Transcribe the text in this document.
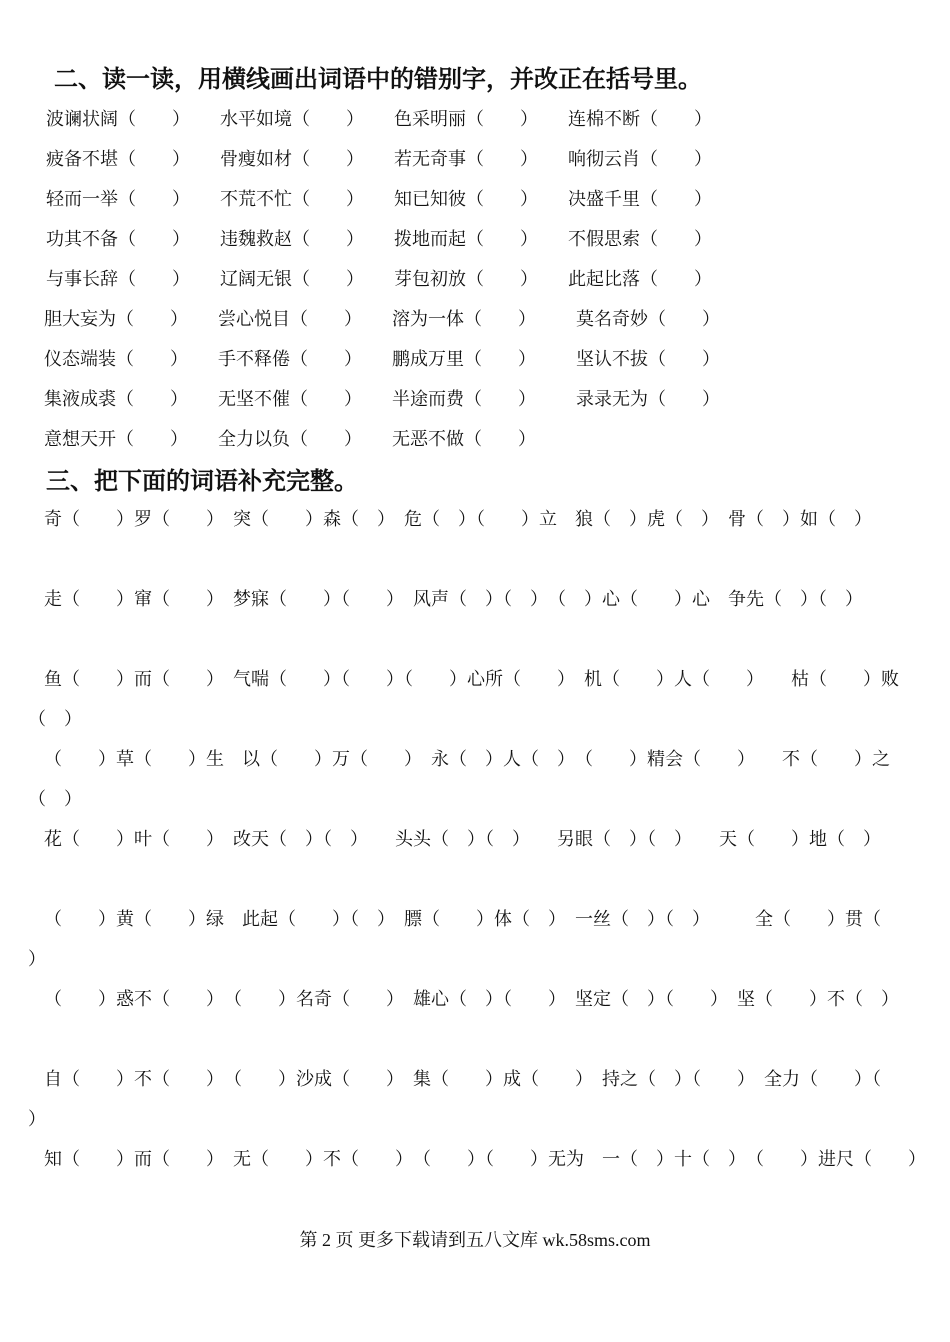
二、读一读，用横线画出词语中的错别字，并改正在括号里。
波谰状阔（　　） 水平如境（　　） 色采明丽（　　） 连棉不断（　　）
疲备不堪（　　） 骨瘦如材（　　） 若无奇事（　　） 响彻云肖（　　）
轻而一举（　　） 不荒不忙（　　） 知已知彼（　　） 决盛千里（　　）
功其不备（　　） 违魏救赵（　　） 拨地而起（　　） 不假思索（　　）
与事长辞（　　） 辽阔无银（　　） 芽包初放（　　） 此起比落（　　）
胆大妄为（　　） 尝心悦目（　　） 溶为一体（　　） 莫名奇妙（　　）
仪态端装（　　） 手不释倦（　　） 鹏成万里（　　） 坚认不拔（　　）
集液成裘（　　） 无坚不催（　　） 半途而费（　　） 录录无为（　　）
意想天开（　　） 全力以负（　　） 无恶不做（　　）
三、把下面的词语补充完整。

奇（　　）罗（　　）　突（　　）森（　）　危（　）（　　）立　狼（　）虎（　）　骨（　）如（　）

走（　　）窜（　　）　梦寐（　　）（　　）　风声（　）（　）　（　）心（　　）心　争先（　）（　）

鱼（　　）而（　　）　气喘（　　）（　　）（　　）心所（　　）　机（　　）人（　　）　　枯（　　）败（　）

（　　）草（　　）生　以（　　）万（　　）　永（　）人（　）　（　　）精会（　　）　　不（　　）之（　）

花（　　）叶（　　）　改天（　）（　）　　头头（　）（　）　　另眼（　）（　）　　天（　　）地（　）

（　　）黄（　　）绿　此起（　　）（　）　膘（　　）体（　）　一丝（　）（　）　　　全（　　）贯（　　）

（　　）惑不（　　）　（　　）名奇（　　）　雄心（　）（　　）　坚定（　）（　　）　坚（　　）不（　）

自（　　）不（　　）　（　　）沙成（　　）　集（　　）成（　　）　持之（　）（　　）　全力（　　）（　　）

知（　　）而（　　）　无（　　）不（　　）　（　　）（　　）无为　一（　）十（　）　（　　）进尺（　　）

第 2 页 更多下载请到五八文库 wk.58sms.com
